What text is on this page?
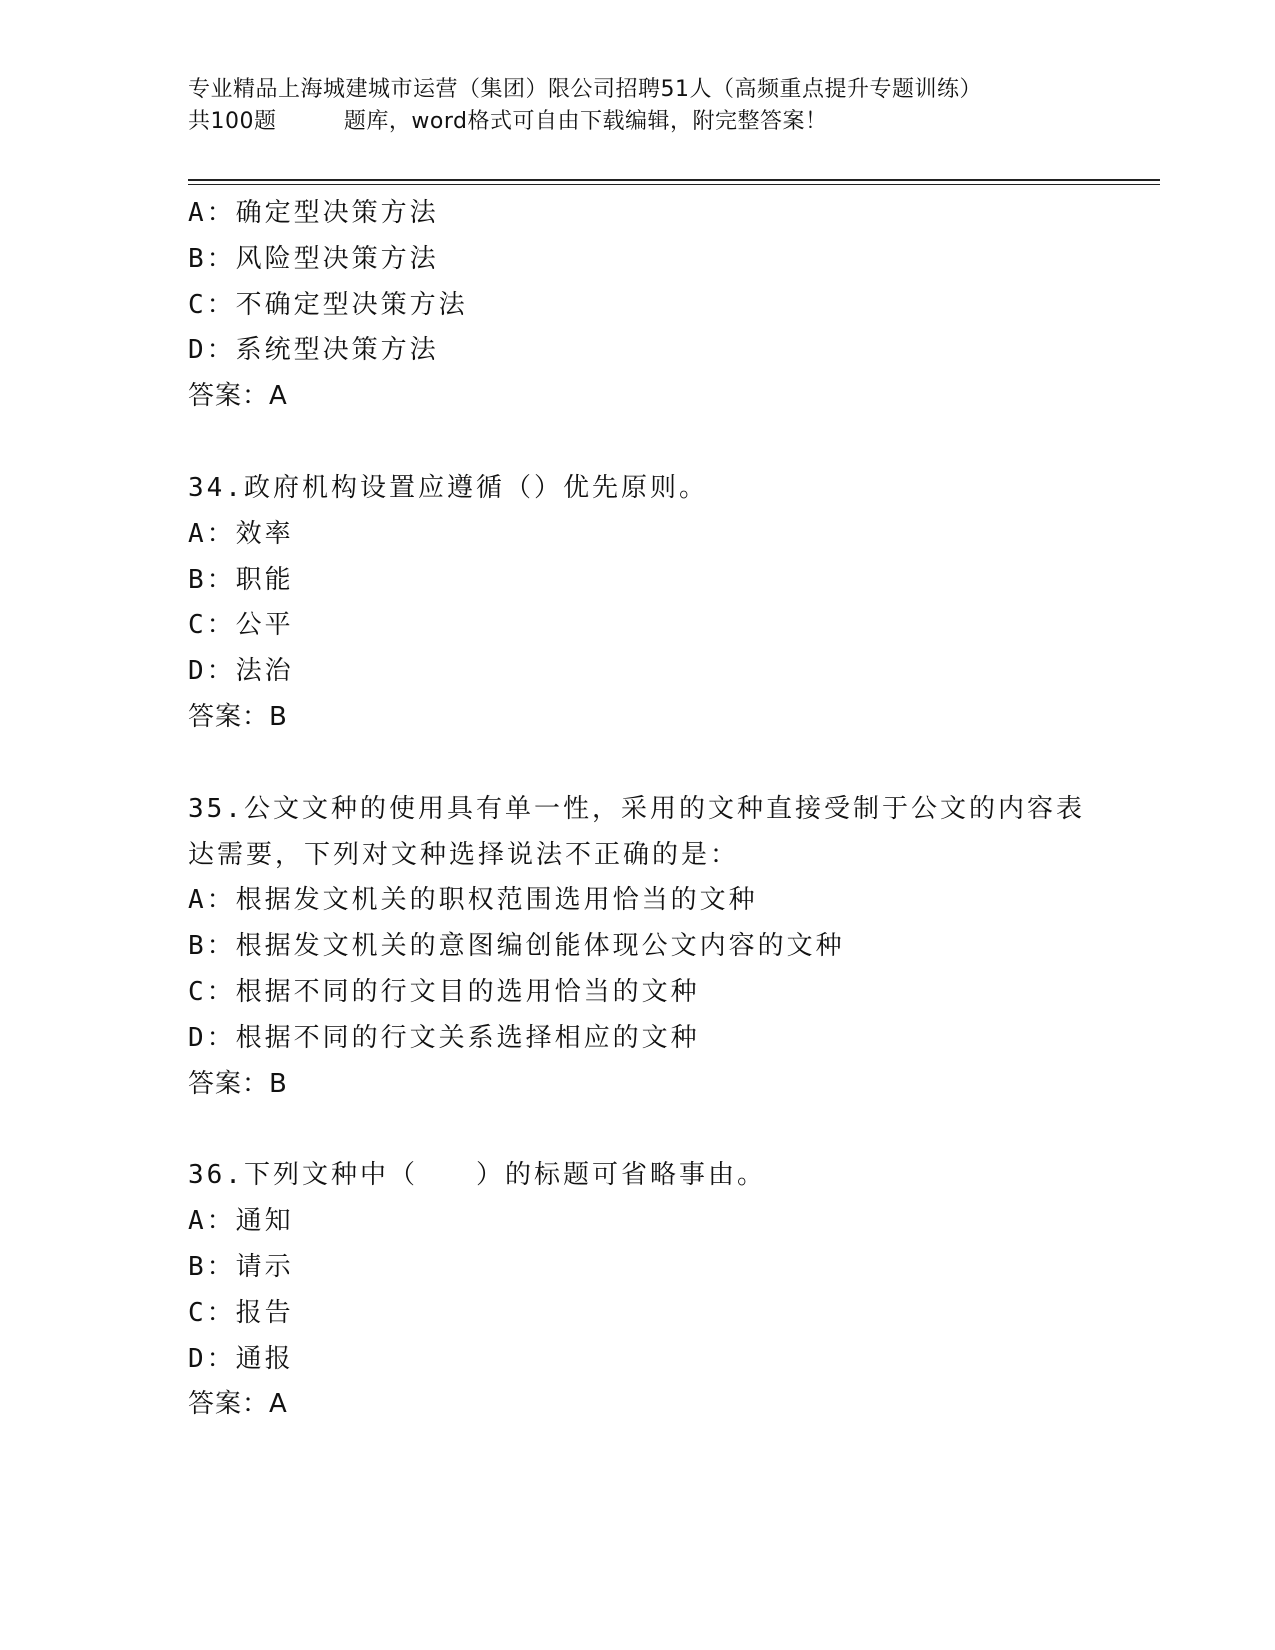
专业精品上海城建城市运营（集团）限公司招聘51人（高频重点提升专题训练）
共100题         题库，word格式可自由下载编辑，附完整答案！
A：确定型决策方法
B：风险型决策方法
C：不确定型决策方法
D：系统型决策方法
答案：A
34.政府机构设置应遵循（）优先原则。
A：效率
B：职能
C：公平
D：法治
答案：B
35.公文文种的使用具有单一性，采用的文种直接受制于公文的内容表
达需要，下列对文种选择说法不正确的是：
A：根据发文机关的职权范围选用恰当的文种
B：根据发文机关的意图编创能体现公文内容的文种
C：根据不同的行文目的选用恰当的文种
D：根据不同的行文关系选择相应的文种
答案：B
36.下列文种中（　　）的标题可省略事由。
A：通知
B：请示
C：报告
D：通报
答案：A
